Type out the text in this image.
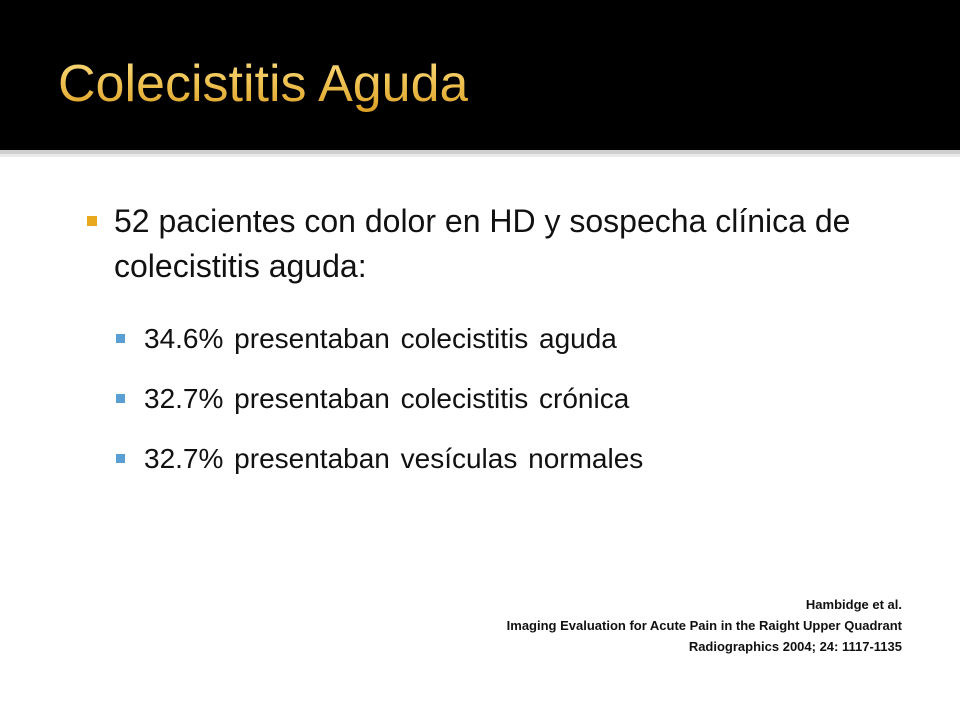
Colecistitis Aguda
52 pacientes con dolor en HD y sospecha clínica de colecistitis aguda:
34.6% presentaban colecistitis aguda
32.7% presentaban colecistitis crónica
32.7% presentaban vesículas normales
Hambidge et al.
Imaging Evaluation for Acute Pain in the Raight Upper Quadrant
Radiographics 2004; 24: 1117-1135
